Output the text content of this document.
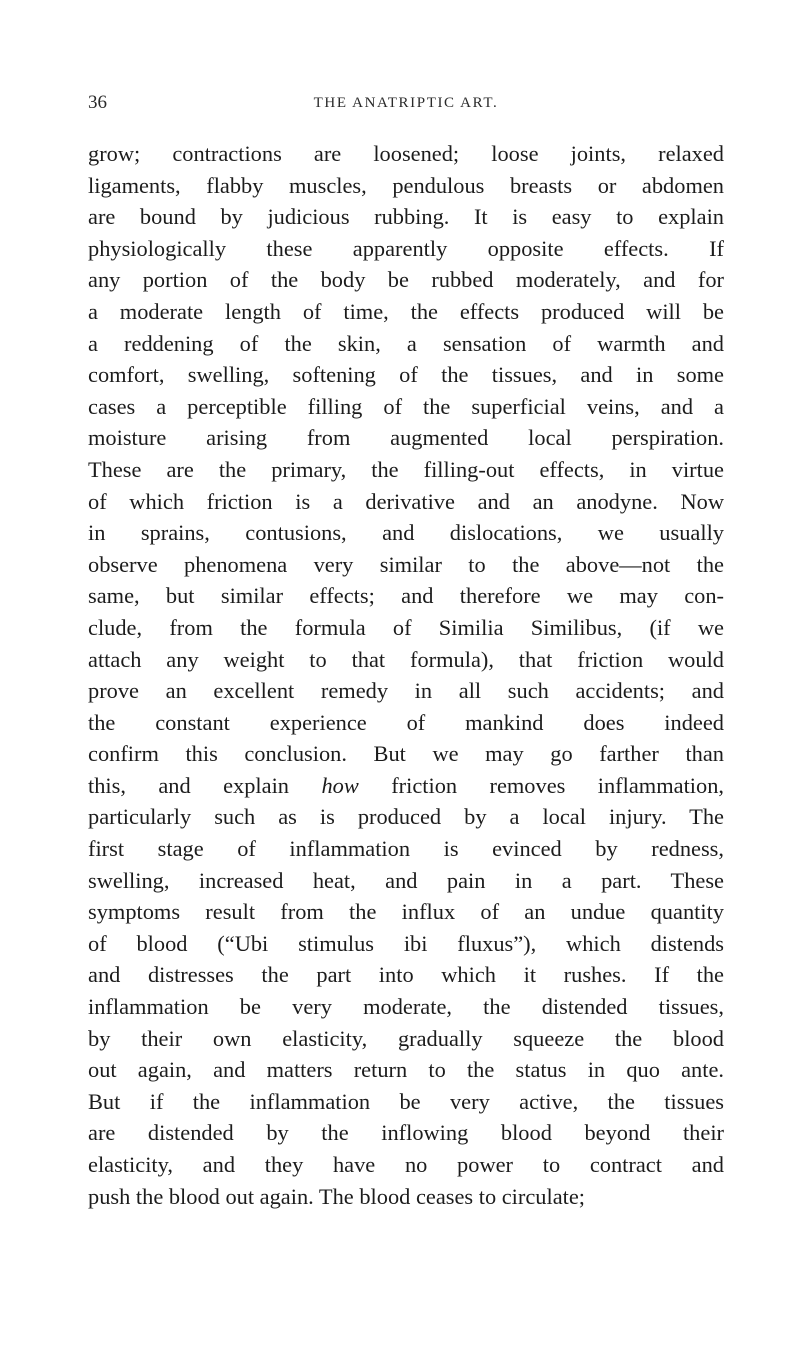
36	THE ANATRIPTIC ART.
grow; contractions are loosened; loose joints, relaxed
ligaments, flabby muscles, pendulous breasts or abdomen
are bound by judicious rubbing. It is easy to explain
physiologically these apparently opposite effects. If
any portion of the body be rubbed moderately, and for
a moderate length of time, the effects produced will be
a reddening of the skin, a sensation of warmth and
comfort, swelling, softening of the tissues, and in some
cases a perceptible filling of the superficial veins, and a
moisture arising from augmented local perspiration.
These are the primary, the filling-out effects, in virtue
of which friction is a derivative and an anodyne. Now
in sprains, contusions, and dislocations, we usually
observe phenomena very similar to the above—not the
same, but similar effects; and therefore we may con-
clude, from the formula of Similia Similibus, (if we
attach any weight to that formula), that friction would
prove an excellent remedy in all such accidents; and
the constant experience of mankind does indeed
confirm this conclusion. But we may go farther than
this, and explain how friction removes inflammation,
particularly such as is produced by a local injury. The
first stage of inflammation is evinced by redness,
swelling, increased heat, and pain in a part. These
symptoms result from the influx of an undue quantity
of blood (“Ubi stimulus ibi fluxus”), which distends
and distresses the part into which it rushes. If the
inflammation be very moderate, the distended tissues,
by their own elasticity, gradually squeeze the blood
out again, and matters return to the status in quo ante.
But if the inflammation be very active, the tissues
are distended by the inflowing blood beyond their
elasticity, and they have no power to contract and
push the blood out again. The blood ceases to circulate;
